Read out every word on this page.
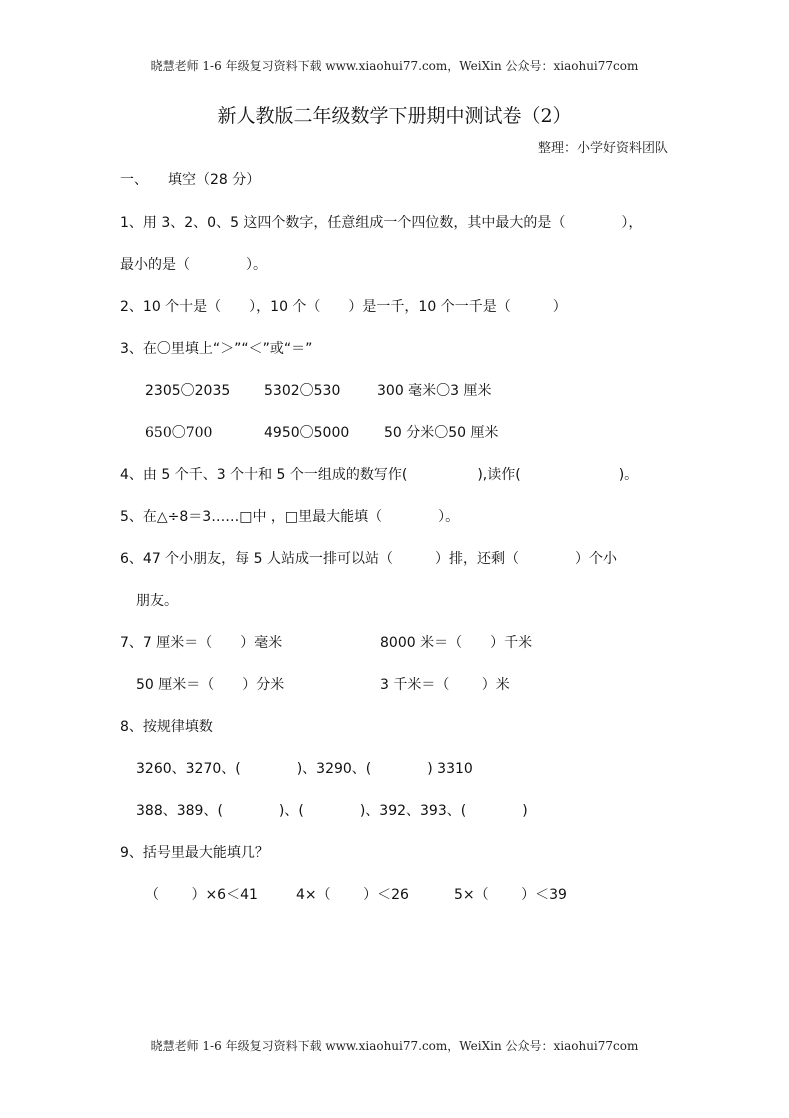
晓慧老师 1-6 年级复习资料下载 www.xiaohui77.com，WeiXin 公众号：xiaohui77com
新人教版二年级数学下册期中测试卷（2）
整理：小学好资料团队
一、 填空（28 分）
1、用 3、2、0、5 这四个数字，任意组成一个四位数，其中最大的是（　　　　），
最小的是（　　　　）。
2、10 个十是（　　），10 个（　　）是一千，10 个一千是（　　　）
3、在〇里填上“＞”“＜”或“＝”
2305〇2035 5302〇530	300 毫米〇3 厘米
650〇700	4950〇5000 50 分米〇50 厘米
4、由 5 个千、3 个十和 5 个一组成的数写作(　　　　　),读作(　　　　　　　)。
5、在△÷8＝3……□中 ，□里最大能填（　　　　）。
6、47 个小朋友，每 5 人站成一排可以站（　　　）排，还剩（　　　　）个小
朋友。
7、7 厘米＝（　　）毫米	8000 米＝（　　）千米
50 厘米＝（　　）分米	3 千米＝（　　 ）米
8、按规律填数
3260、3270、(　　　　)、3290、(　　　　) 3310
388、389、(　　　　)、(　　　　)、392、393、(　　　　)
9、括号里最大能填几？
（　　 ）×6＜41	4×（　　 ）＜26	5×（　　 ）＜39
晓慧老师 1-6 年级复习资料下载 www.xiaohui77.com，WeiXin 公众号：xiaohui77com
